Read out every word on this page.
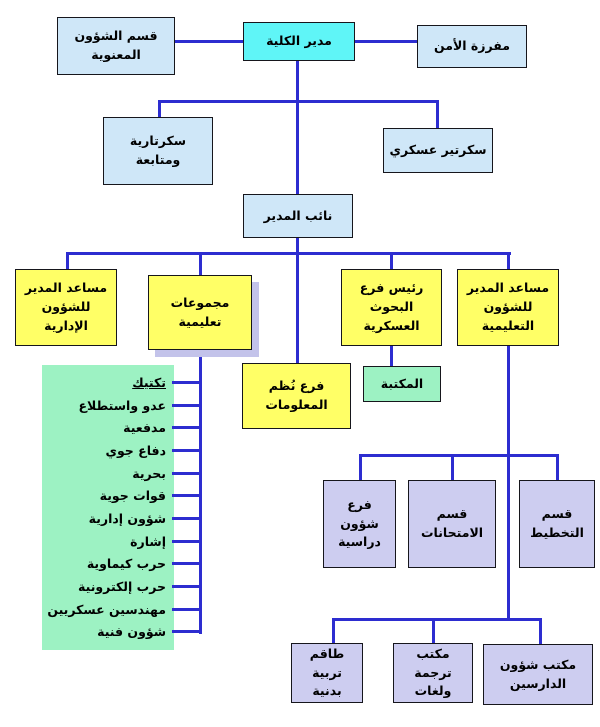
قسم الشؤون
المعنوية
مدير الكلية	مفرزة الأمن
سكرتارية
ومتابعة
سكرتير عسكري
نائب المدير
مساعد المدير
للشؤون
الإدارية
مجموعات
تعليمية
رئيس فرع
البحوث
العسكرية
مساعد المدير
للشؤون
التعليمية
فرع نُظم
المعلومات
المكتبة
تكتيك
عدو واستطلاع
مدفعية
دفاع جوي
بحرية
قوات جوية
شؤون إدارية
إشارة
حرب كيماوية
حرب إلكترونية
مهندسين عسكريين
شؤون فنية
فرع
شؤون
دراسية
قسم
الامتحانات
قسم
التخطيط
طاقم تربية
بدنية
مكتب ترجمة
ولغات
مكتب شؤون
الدارسين
